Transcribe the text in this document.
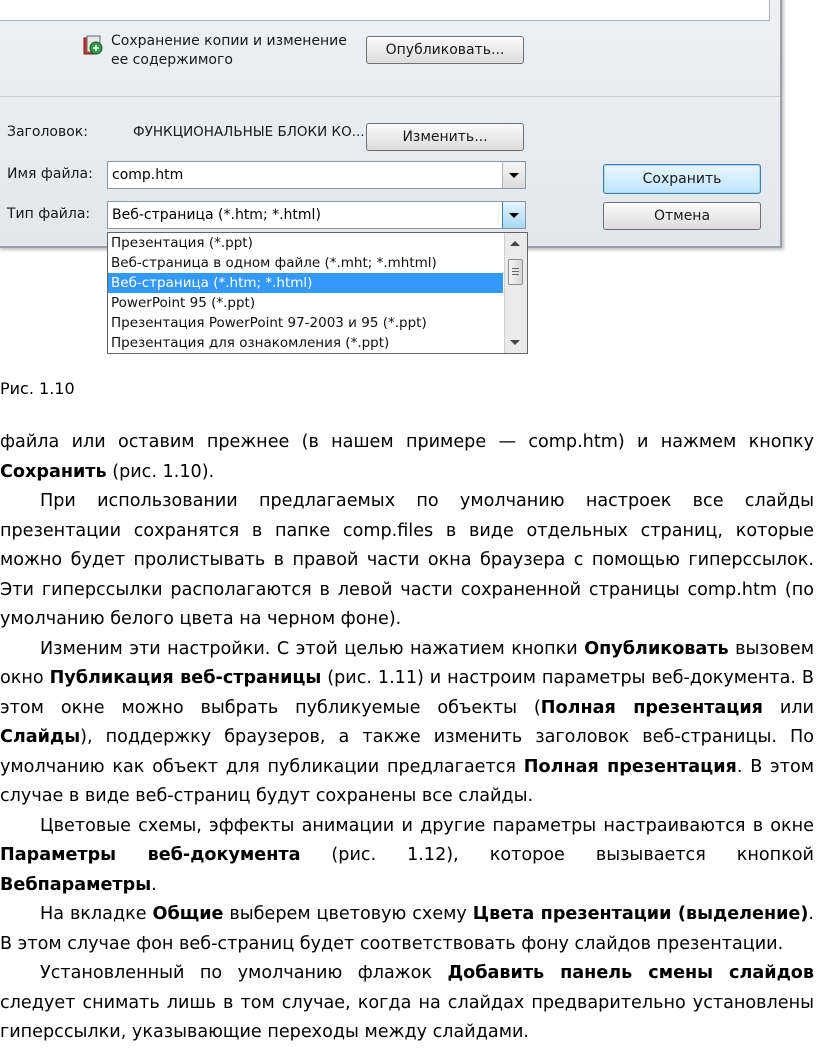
Сохранение копии и изменение ее содержимого
Опубликовать...
Заголовок:	ФУНКЦИОНАЛЬНЫЕ БЛОКИ КО...	Изменить...
Имя файла: comp.htm
Тип файла: Веб-страница (*.htm; *.html)
Сохранить
Отмена
Презентация (*.ppt)
Веб-страница в одном файле (*.mht; *.mhtml)
Веб-страница (*.htm; *.html)
PowerPoint 95 (*.ppt)
Презентация PowerPoint 97-2003 и 95 (*.ppt)
Презентация для ознакомления (*.ppt)
Рис. 1.10

файла или оставим прежнее (в нашем примере — comp.htm) и нажмем кнопку Сохранить (рис. 1.10).

При использовании предлагаемых по умолчанию настроек все слайды презентации сохранятся в папке comp.files в виде отдельных страниц, которые можно будет пролистывать в правой части окна браузера с помощью гиперссылок. Эти гиперссылки располагаются в левой части сохраненной страницы comp.htm (по умолчанию белого цвета на черном фоне).

Изменим эти настройки. С этой целью нажатием кнопки Опубликовать вызовем окно Публикация веб-страницы (рис. 1.11) и настроим параметры веб-документа. В этом окне можно выбрать публикуемые объекты (Полная презентация или Слайды), поддержку браузеров, а также изменить заголовок веб-страницы. По умолчанию как объект для публикации предлагается Полная презентация. В этом случае в виде веб-страниц будут сохранены все слайды.

Цветовые схемы, эффекты анимации и другие параметры настраиваются в окне Параметры веб-документа (рис. 1.12), которое вызывается кнопкой Вебпараметры.

На вкладке Общие выберем цветовую схему Цвета презентации (выделение). В этом случае фон веб-страниц будет соответствовать фону слайдов презентации.

Установленный по умолчанию флажок Добавить панель смены слайдов следует снимать лишь в том случае, когда на слайдах предварительно установлены гиперссылки, указывающие переходы между слайдами.
